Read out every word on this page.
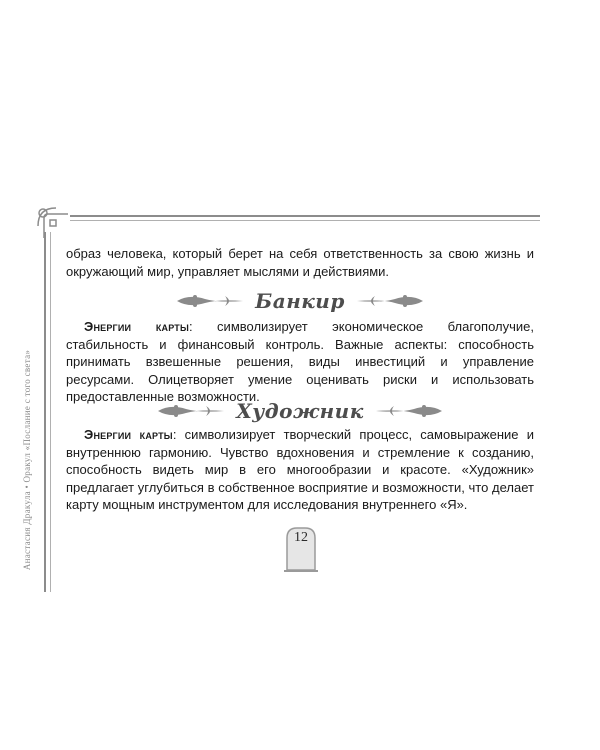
Анастасия Дракула • Оракул «Послание с того света»
образ человека, который берет на себя ответственность за свою жизнь и окружающий мир, управляет мыслями и действиями.
Банкир
Энергии карты: символизирует экономическое благополучие, стабильность и финансовый контроль. Важные аспекты: способность принимать взвешенные решения, виды инвестиций и управление ресурсами. Олицетворяет умение оценивать риски и использовать предоставленные возможности.
Художник
Энергии карты: символизирует творческий процесс, самовыражение и внутреннюю гармонию. Чувство вдохновения и стремление к созданию, способность видеть мир в его многообразии и красоте. «Художник» предлагает углубиться в собственное восприятие и возможности, что делает карту мощным инструментом для исследования внутреннего «Я».
12
